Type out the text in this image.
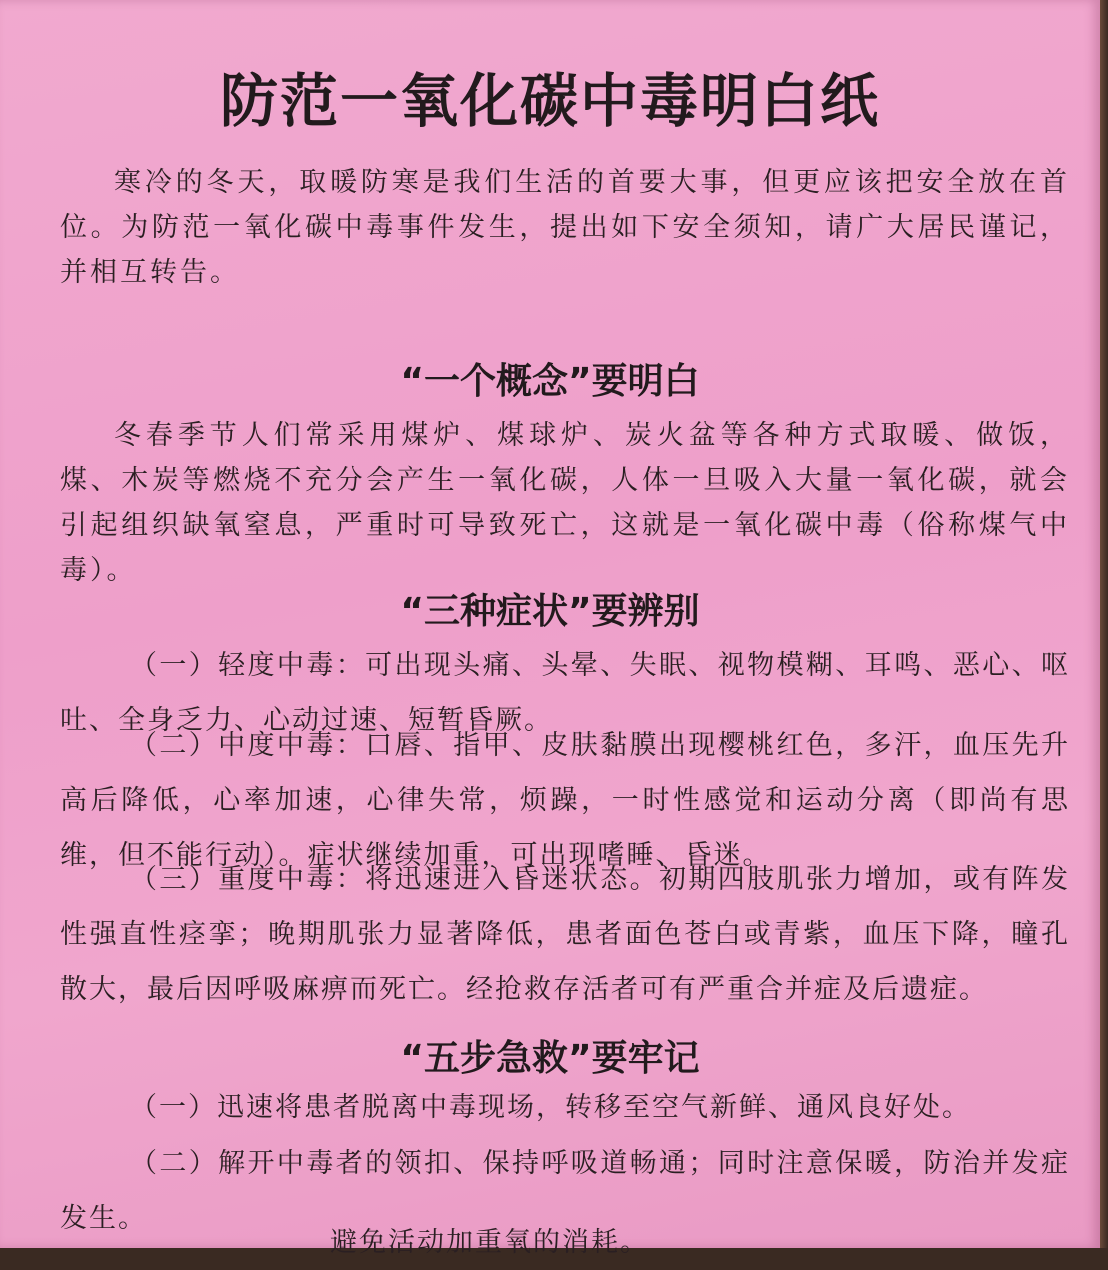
防范一氧化碳中毒明白纸

寒冷的冬天，取暖防寒是我们生活的首要大事，但更应该把安全放在首位。为防范一氧化碳中毒事件发生，提出如下安全须知，请广大居民谨记，并相互转告。

“一个概念”要明白

冬春季节人们常采用煤炉、煤球炉、炭火盆等各种方式取暖、做饭，煤、木炭等燃烧不充分会产生一氧化碳，人体一旦吸入大量一氧化碳，就会引起组织缺氧窒息，严重时可导致死亡，这就是一氧化碳中毒（俗称煤气中毒）。

“三种症状”要辨别

（一）轻度中毒：可出现头痛、头晕、失眠、视物模糊、耳鸣、恶心、呕吐、全身乏力、心动过速、短暂昏厥。

（二）中度中毒：口唇、指甲、皮肤黏膜出现樱桃红色，多汗，血压先升高后降低，心率加速，心律失常，烦躁，一时性感觉和运动分离（即尚有思维，但不能行动）。症状继续加重，可出现嗜睡、昏迷。

（三）重度中毒：将迅速进入昏迷状态。初期四肢肌张力增加，或有阵发性强直性痉挛；晚期肌张力显著降低，患者面色苍白或青紫，血压下降，瞳孔散大，最后因呼吸麻痹而死亡。经抢救存活者可有严重合并症及后遗症。

“五步急救”要牢记

（一）迅速将患者脱离中毒现场，转移至空气新鲜、通风良好处。

（二）解开中毒者的领扣、保持呼吸道畅通；同时注意保暖，防治并发症发生。

避免活动加重氧的消耗。
